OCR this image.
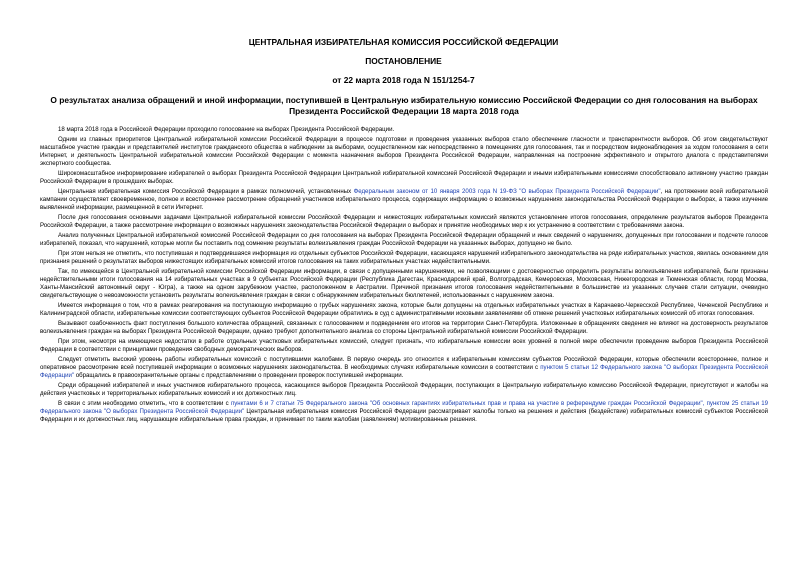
ЦЕНТРАЛЬНАЯ ИЗБИРАТЕЛЬНАЯ КОМИССИЯ РОССИЙСКОЙ ФЕДЕРАЦИИ
ПОСТАНОВЛЕНИЕ
от 22 марта 2018 года N 151/1254-7
О результатах анализа обращений и иной информации, поступившей в Центральную избирательную комиссию Российской Федерации со дня голосования на выборах Президента Российской Федерации 18 марта 2018 года

18 марта 2018 года в Российской Федерации проходило голосование на выборах Президента Российской Федерации.

Одним из главных приоритетов Центральной избирательной комиссии Российской Федерации в процессе подготовки и проведения указанных выборов стало обеспечение гласности и транспарентности выборов. Об этом свидетельствуют масштабное участие граждан и представителей институтов гражданского общества в наблюдении за выборами, осуществленном как непосредственно в помещениях для голосования, так и посредством видеонаблюдения за ходом голосования в сети Интернет, и деятельность Центральной избирательной комиссии Российской Федерации с момента назначения выборов Президента Российской Федерации, направленная на построение эффективного и открытого диалога с представителями экспертного сообщества.

Широкомасштабное информирование избирателей о выборах Президента Российской Федерации Центральной избирательной комиссией Российской Федерации и иными избирательными комиссиями способствовало активному участию граждан Российской Федерации в прошедших выборах.

Центральная избирательная комиссия Российской Федерации в рамках полномочий, установленных Федеральным законом от 10 января 2003 года N 19-ФЗ "О выборах Президента Российской Федерации", на протяжении всей избирательной кампании осуществляет своевременное, полное и всестороннее рассмотрение обращений участников избирательного процесса, содержащих информацию о возможных нарушениях законодательства Российской Федерации о выборах, а также изучение выявленной информации, размещенной в сети Интернет.

После дня голосования основными задачами Центральной избирательной комиссии Российской Федерации и нижестоящих избирательных комиссий являются установление итогов голосования, определение результатов выборов Президента Российской Федерации, а также рассмотрение информации о возможных нарушениях законодательства Российской Федерации о выборах и принятие необходимых мер к их устранению в соответствии с требованиями закона.

Анализ полученных Центральной избирательной комиссией Российской Федерации со дня голосования на выборах Президента Российской Федерации обращений и иных сведений о нарушениях, допущенных при голосовании и подсчете голосов избирателей, показал, что нарушений, которые могли бы поставить под сомнение результаты волеизъявления граждан Российской Федерации на указанных выборах, допущено не было.

При этом нельзя не отметить, что поступившая и подтвердившаяся информация из отдельных субъектов Российской Федерации, касающаяся нарушений избирательного законодательства на ряде избирательных участков, явилась основанием для признания решений о результатах выборов нижестоящих избирательных комиссий итогов голосования на таких избирательных участках недействительными.

Так, по имеющейся в Центральной избирательной комиссии Российской Федерации информации, в связи с допущенными нарушениями, не позволяющими с достоверностью определить результаты волеизъявления избирателей, были признаны недействительными итоги голосования на 14 избирательных участках в 9 субъектах Российской Федерации (Республика Дагестан, Краснодарский край, Волгоградская, Кемеровская, Московская, Нижегородская и Тюменская области, город Москва, Ханты-Мансийский автономный округ - Югра), а также на одном зарубежном участке, расположенном в Австралии. Причиной признания итогов голосования недействительными в большинстве из указанных случаев стали ситуации, очевидно свидетельствующие о невозможности установить результаты волеизъявления граждан в связи с обнаружением избирательных бюллетеней, использованных с нарушением закона.

Имеется информация о том, что в рамках реагирования на поступающую информацию о грубых нарушениях закона, которые были допущены на отдельных избирательных участках в Карачаево-Черкесской Республике, Чеченской Республике и Калининградской области, избирательные комиссии соответствующих субъектов Российской Федерации обратились в суд с административными исковыми заявлениями об отмене решений участковых избирательных комиссий об итогах голосования.

Вызывают озабоченность факт поступления большого количества обращений, связанных с голосованием и подведением его итогов на территории Санкт-Петербурга. Изложенные в обращениях сведения не влияют на достоверность результатов волеизъявления граждан на выборах Президента Российской Федерации, однако требуют дополнительного анализа со стороны Центральной избирательной комиссии Российской Федерации.

При этом, несмотря на имеющиеся недостатки в работе отдельных участковых избирательных комиссий, следует признать, что избирательные комиссии всех уровней в полной мере обеспечили проведение выборов Президента Российской Федерации в соответствии с принципами проведения свободных демократических выборов.

Следует отметить высокий уровень работы избирательных комиссий с поступившими жалобами. В первую очередь это относится к избирательным комиссиям субъектов Российской Федерации, которые обеспечили всестороннее, полное и оперативное рассмотрение всей поступившей информации о возможных нарушениях законодательства. В необходимых случаях избирательные комиссии в соответствии с пунктом 5 статьи 12 Федерального закона "О выборах Президента Российской Федерации" обращались в правоохранительные органы с представлениями о проведении проверок поступившей информации.

Среди обращений избирателей и иных участников избирательного процесса, касающихся выборов Президента Российской Федерации, поступающих в Центральную избирательную комиссию Российской Федерации, присутствуют и жалобы на действия участковых и территориальных избирательных комиссий и их должностных лиц.

В связи с этим необходимо отметить, что в соответствии с пунктами 6 и 7 статьи 75 Федерального закона "Об основных гарантиях избирательных прав и права на участие в референдуме граждан Российской Федерации", пунктом 25 статьи 19 Федерального закона "О выборах Президента Российской Федерации" Центральная избирательная комиссия Российской Федерации рассматривает жалобы только на решения и действия (бездействие) избирательных комиссий субъектов Российской Федерации и их должностных лиц, нарушающие избирательные права граждан, и принимает по таким жалобам (заявлениям) мотивированные решения.
